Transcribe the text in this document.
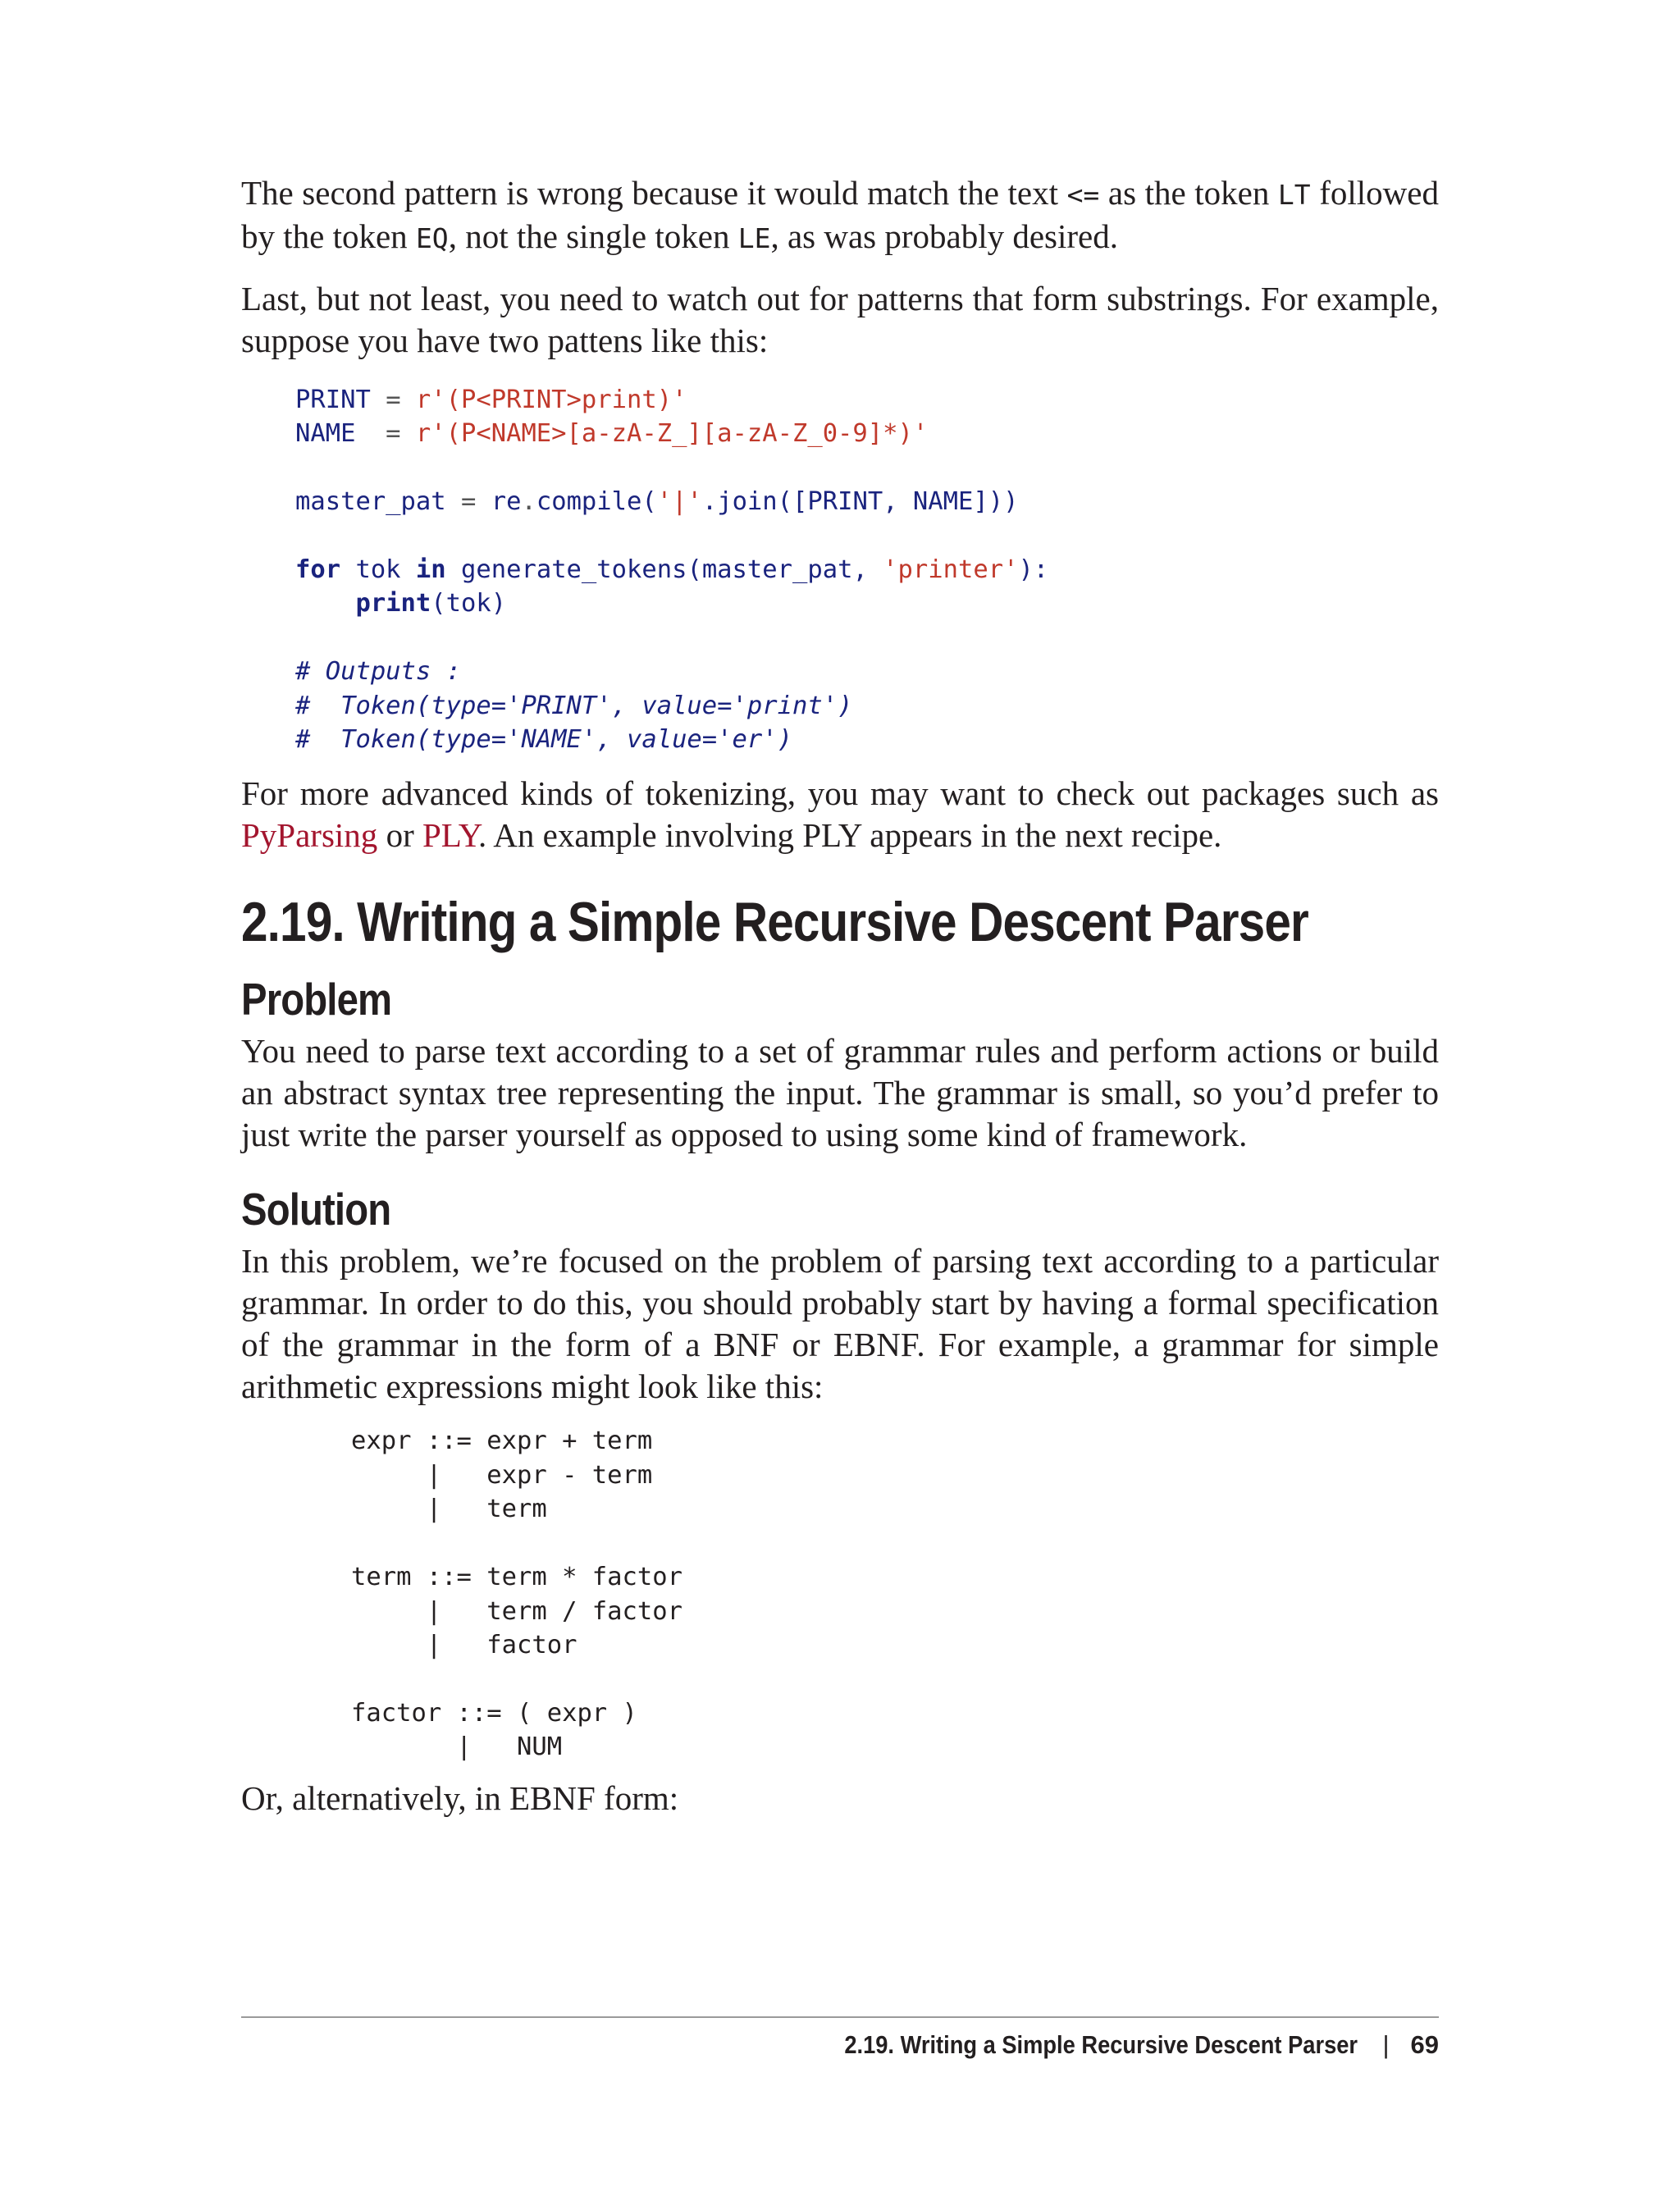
The second pattern is wrong because it would match the text <= as the token LT followed by the token EQ, not the single token LE, as was probably desired.

Last, but not least, you need to watch out for patterns that form substrings. For example, suppose you have two pattens like this:

PRINT = r'(P<PRINT>print)'
NAME  = r'(P<NAME>[a-zA-Z_][a-zA-Z_0-9]*)'

master_pat = re.compile('|'.join([PRINT, NAME]))

for tok in generate_tokens(master_pat, 'printer'):
print(tok)

# Outputs :
#  Token(type='PRINT', value='print')
#  Token(type='NAME', value='er')

For more advanced kinds of tokenizing, you may want to check out packages such as PyParsing or PLY. An example involving PLY appears in the next recipe.

2.19. Writing a Simple Recursive Descent Parser
Problem

You need to parse text according to a set of grammar rules and perform actions or build an abstract syntax tree representing the input. The grammar is small, so you’d prefer to just write the parser yourself as opposed to using some kind of framework.

Solution

In this problem, we’re focused on the problem of parsing text according to a particular grammar. In order to do this, you should probably start by having a formal specification of the grammar in the form of a BNF or EBNF. For example, a grammar for simple arithmetic expressions might look like this:

expr ::= expr + term
|   expr - term
|   term

term ::= term * factor
|   term / factor
|   factor

factor ::= ( expr )
|   NUM

Or, alternatively, in EBNF form:

2.19. Writing a Simple Recursive Descent Parser | 69
